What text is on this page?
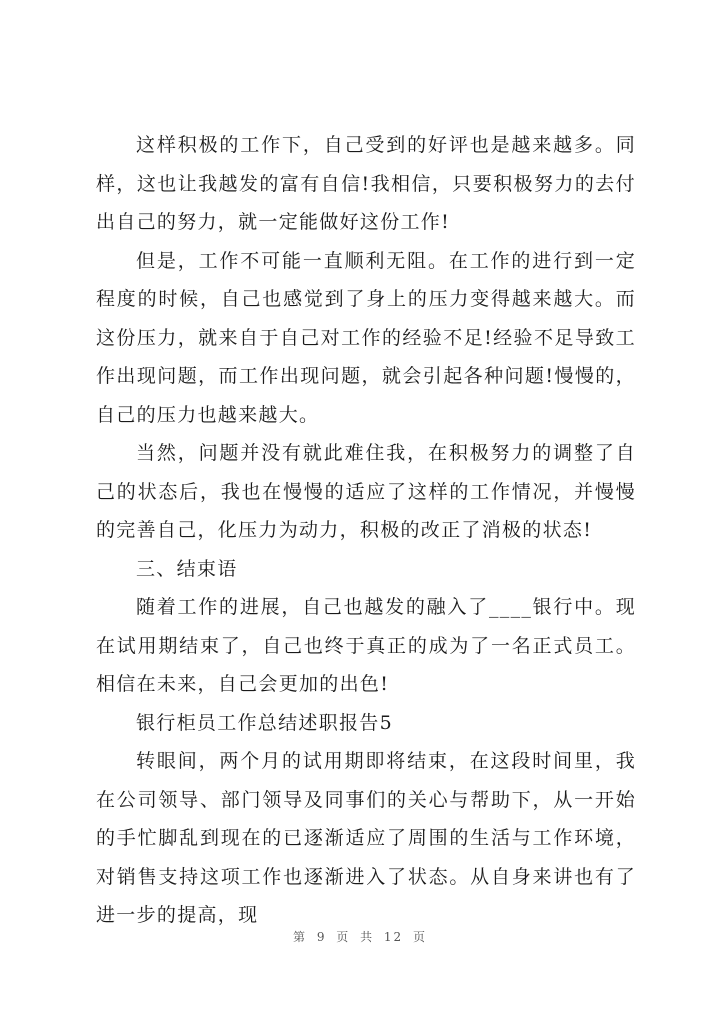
这样积极的工作下，自己受到的好评也是越来越多。同样，这也让我越发的富有自信!我相信，只要积极努力的去付出自己的努力，就一定能做好这份工作!

但是，工作不可能一直顺利无阻。在工作的进行到一定程度的时候，自己也感觉到了身上的压力变得越来越大。而这份压力，就来自于自己对工作的经验不足!经验不足导致工作出现问题，而工作出现问题，就会引起各种问题!慢慢的，自己的压力也越来越大。

当然，问题并没有就此难住我，在积极努力的调整了自己的状态后，我也在慢慢的适应了这样的工作情况，并慢慢的完善自己，化压力为动力，积极的改正了消极的状态!

三、结束语

随着工作的进展，自己也越发的融入了____银行中。现在试用期结束了，自己也终于真正的成为了一名正式员工。相信在未来，自己会更加的出色!

银行柜员工作总结述职报告5

转眼间，两个月的试用期即将结束，在这段时间里，我在公司领导、部门领导及同事们的关心与帮助下，从一开始的手忙脚乱到现在的已逐渐适应了周围的生活与工作环境，对销售支持这项工作也逐渐进入了状态。从自身来讲也有了进一步的提高，现

第 9 页 共 12 页
